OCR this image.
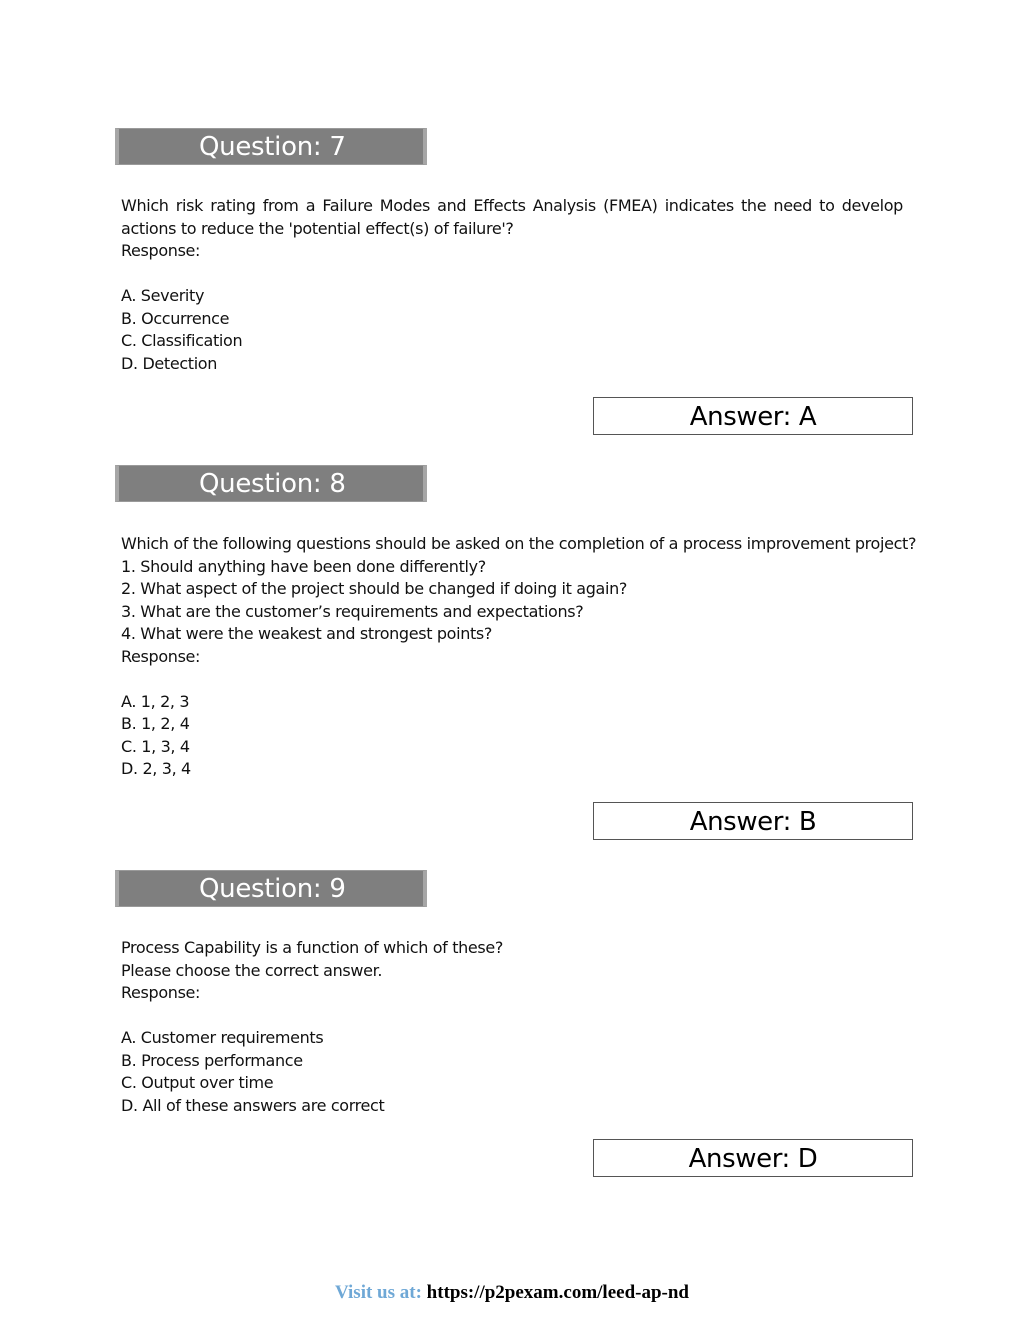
Question: 7
Which risk rating from a Failure Modes and Effects Analysis (FMEA) indicates the need to develop
actions to reduce the 'potential effect(s) of failure'?
Response:
A. Severity
B. Occurrence
C. Classification
D. Detection
Answer: A
Question: 8
Which of the following questions should be asked on the completion of a process improvement project?
1. Should anything have been done differently?
2. What aspect of the project should be changed if doing it again?
3. What are the customer’s requirements and expectations?
4. What were the weakest and strongest points?
Response:
A. 1, 2, 3
B. 1, 2, 4
C. 1, 3, 4
D. 2, 3, 4
Answer: B
Question: 9
Process Capability is a function of which of these?
Please choose the correct answer.
Response:
A. Customer requirements
B. Process performance
C. Output over time
D. All of these answers are correct
Answer: D
Visit us at: https://p2pexam.com/leed-ap-nd
